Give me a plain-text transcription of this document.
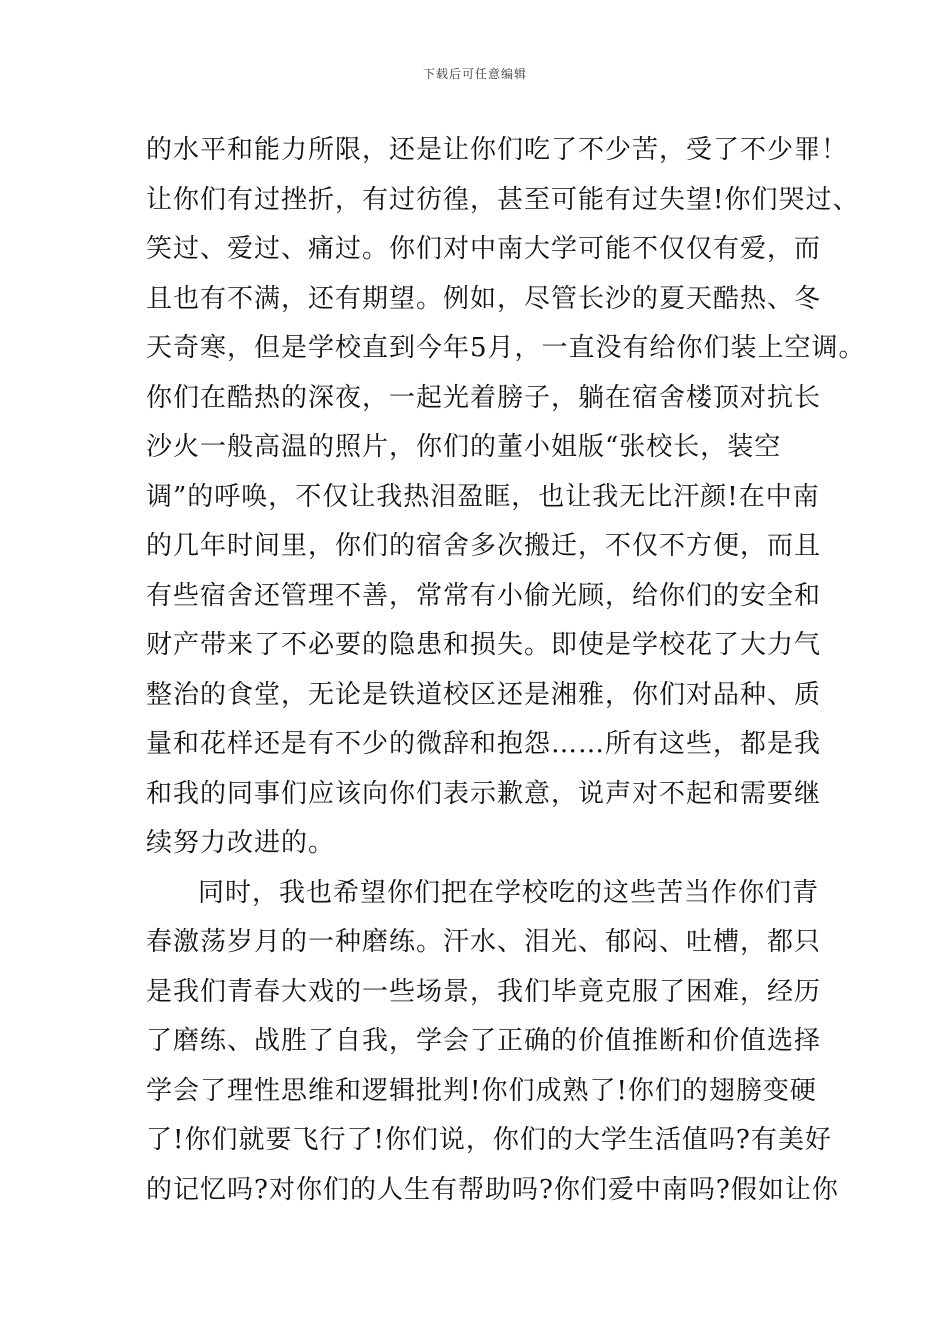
下载后可任意编辑
的水平和能力所限，还是让你们吃了不少苦，受了不少罪！
让你们有过挫折，有过彷徨，甚至可能有过失望!你们哭过、
笑过、爱过、痛过。你们对中南大学可能不仅仅有爱，而
且也有不满，还有期望。例如，尽管长沙的夏天酷热、冬
天奇寒，但是学校直到今年5月，一直没有给你们装上空调。
你们在酷热的深夜，一起光着膀子，躺在宿舍楼顶对抗长
沙火一般高温的照片，你们的董小姐版“张校长，装空
调”的呼唤，不仅让我热泪盈眶，也让我无比汗颜!在中南
的几年时间里，你们的宿舍多次搬迁，不仅不方便，而且
有些宿舍还管理不善，常常有小偷光顾，给你们的安全和
财产带来了不必要的隐患和损失。即使是学校花了大力气
整治的食堂，无论是铁道校区还是湘雅，你们对品种、质
量和花样还是有不少的微辞和抱怨……所有这些，都是我
和我的同事们应该向你们表示歉意，说声对不起和需要继
续努力改进的。
同时，我也希望你们把在学校吃的这些苦当作你们青
春激荡岁月的一种磨练。汗水、泪光、郁闷、吐槽，都只
是我们青春大戏的一些场景，我们毕竟克服了困难，经历
了磨练、战胜了自我，学会了正确的价值推断和价值选择
学会了理性思维和逻辑批判!你们成熟了!你们的翅膀变硬
了!你们就要飞行了!你们说，你们的大学生活值吗?有美好
的记忆吗?对你们的人生有帮助吗?你们爱中南吗?假如让你
